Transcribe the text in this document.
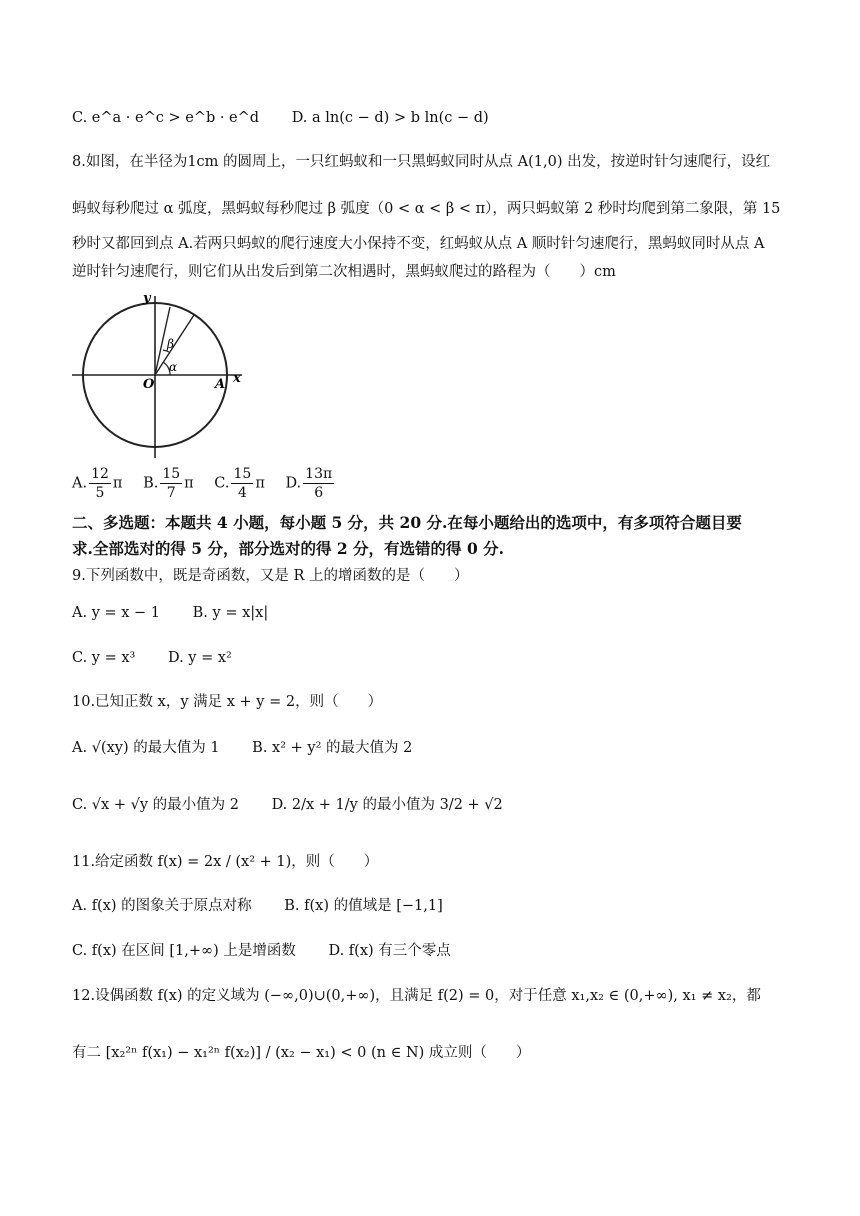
C. e^a · e^c > e^b · e^d D. a ln(c − d) > b ln(c − d)
8.如图，在半径为1cm 的圆周上，一只红蚂蚁和一只黑蚂蚁同时从点 A(1,0) 出发，按逆时针匀速爬行，设红
蚂蚁每秒爬过 α 弧度，黑蚂蚁每秒爬过 β 弧度（0 < α < β < π），两只蚂蚁第 2 秒时均爬到第二象限，第 15
秒时又都回到点 A.若两只蚂蚁的爬行速度大小保持不变，红蚂蚁从点 A 顺时针匀速爬行，黑蚂蚁同时从点 A
逆时针匀速爬行，则它们从出发后到第二次相遇时，黑蚂蚁爬过的路程为（　　）cm
y
x
O	A
α
β
A. $\frac{12}{5}$ π B. $\frac{15}{7}$ π C. $\frac{15}{4}$ π D. $\frac{13\pi}{6}$
二、多选题：本题共 4 小题，每小题 5 分，共 20 分.在每小题给出的选项中，有多项符合题目要
求.全部选对的得 5 分，部分选对的得 2 分，有选错的得 0 分.
9.下列函数中，既是奇函数，又是 R 上的增函数的是（　　）
A. y = x − 1 B. y = x|x|
C. y = x³ D. y = x²
10.已知正数 x，y 满足 x + y = 2，则（　　）
A. √(xy) 的最大值为 1 B. x² + y² 的最大值为 2
C. √x + √y 的最小值为 2 D. 2/x + 1/y 的最小值为 3/2 + √2
11.给定函数 f(x) = 2x / (x² + 1)，则（　　）
A. f(x) 的图象关于原点对称 B. f(x) 的值域是 [−1,1]
C. f(x) 在区间 [1,+∞) 上是增函数 D. f(x) 有三个零点
12.设偶函数 f(x) 的定义域为 (−∞,0)∪(0,+∞)，且满足 f(2) = 0，对于任意 x₁,x₂ ∈ (0,+∞), x₁ ≠ x₂，都
有二 [x₂²ⁿ f(x₁) − x₁²ⁿ f(x₂)] / (x₂ − x₁) < 0 (n ∈ N) 成立则（　　）
